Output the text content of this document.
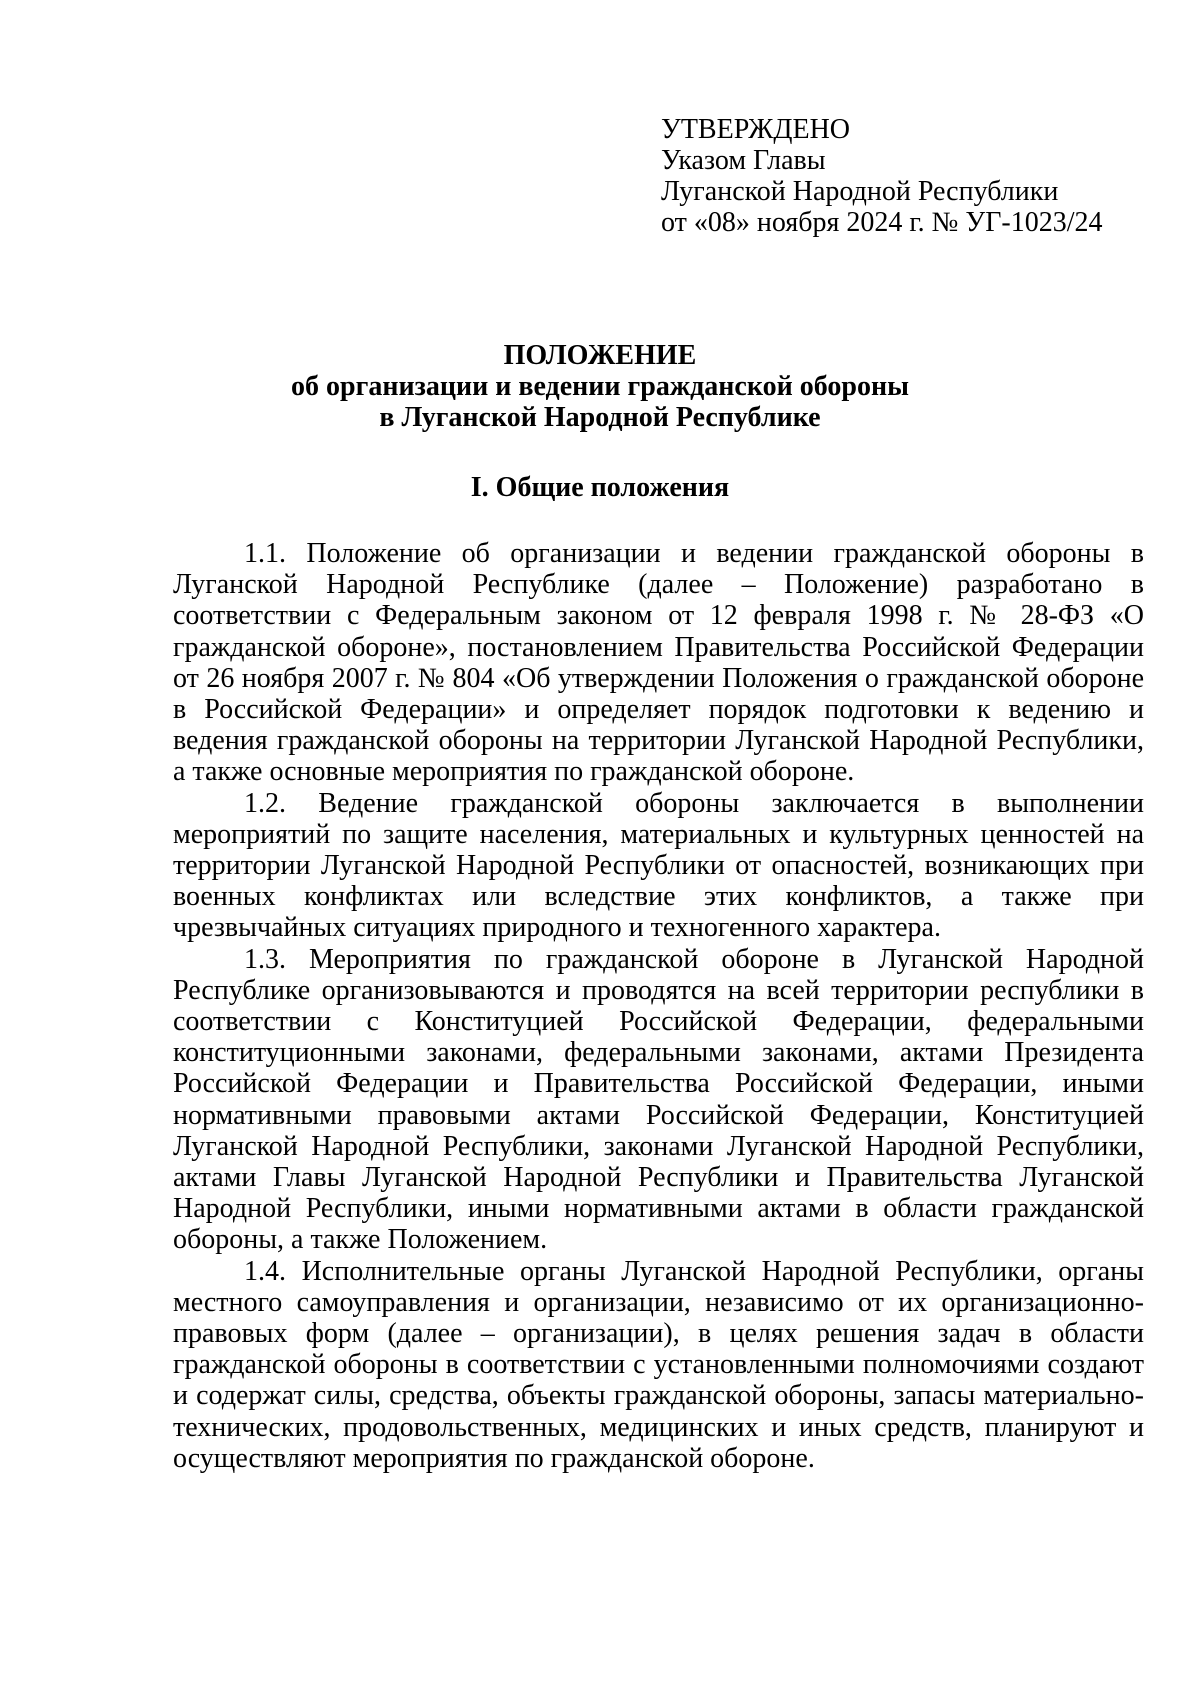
УТВЕРЖДЕНО
Указом Главы
Луганской Народной Республики
от «08» ноября 2024 г. № УГ-1023/24
ПОЛОЖЕНИЕ
об организации и ведении гражданской обороны
в Луганской Народной Республике
I. Общие положения

1.1. Положение об организации и ведении гражданской обороны в Луганской Народной Республике (далее – Положение) разработано в соответствии с Федеральным законом от 12 февраля 1998 г. № 28-ФЗ «О гражданской обороне», постановлением Правительства Российской Федерации от 26 ноября 2007 г. № 804 «Об утверждении Положения о гражданской обороне в Российской Федерации» и определяет порядок подготовки к ведению и ведения гражданской обороны на территории Луганской Народной Республики, а также основные мероприятия по гражданской обороне.

1.2. Ведение гражданской обороны заключается в выполнении мероприятий по защите населения, материальных и культурных ценностей на территории Луганской Народной Республики от опасностей, возникающих при военных конфликтах или вследствие этих конфликтов, а также при чрезвычайных ситуациях природного и техногенного характера.

1.3. Мероприятия по гражданской обороне в Луганской Народной Республике организовываются и проводятся на всей территории республики в соответствии с Конституцией Российской Федерации, федеральными конституционными законами, федеральными законами, актами Президента Российской Федерации и Правительства Российской Федерации, иными нормативными правовыми актами Российской Федерации, Конституцией Луганской Народной Республики, законами Луганской Народной Республики, актами Главы Луганской Народной Республики и Правительства Луганской Народной Республики, иными нормативными актами в области гражданской обороны, а также Положением.

1.4. Исполнительные органы Луганской Народной Республики, органы местного самоуправления и организации, независимо от их организационно-правовых форм (далее – организации), в целях решения задач в области гражданской обороны в соответствии с установленными полномочиями создают и содержат силы, средства, объекты гражданской обороны, запасы материально-технических, продовольственных, медицинских и иных средств, планируют и осуществляют мероприятия по гражданской обороне.
